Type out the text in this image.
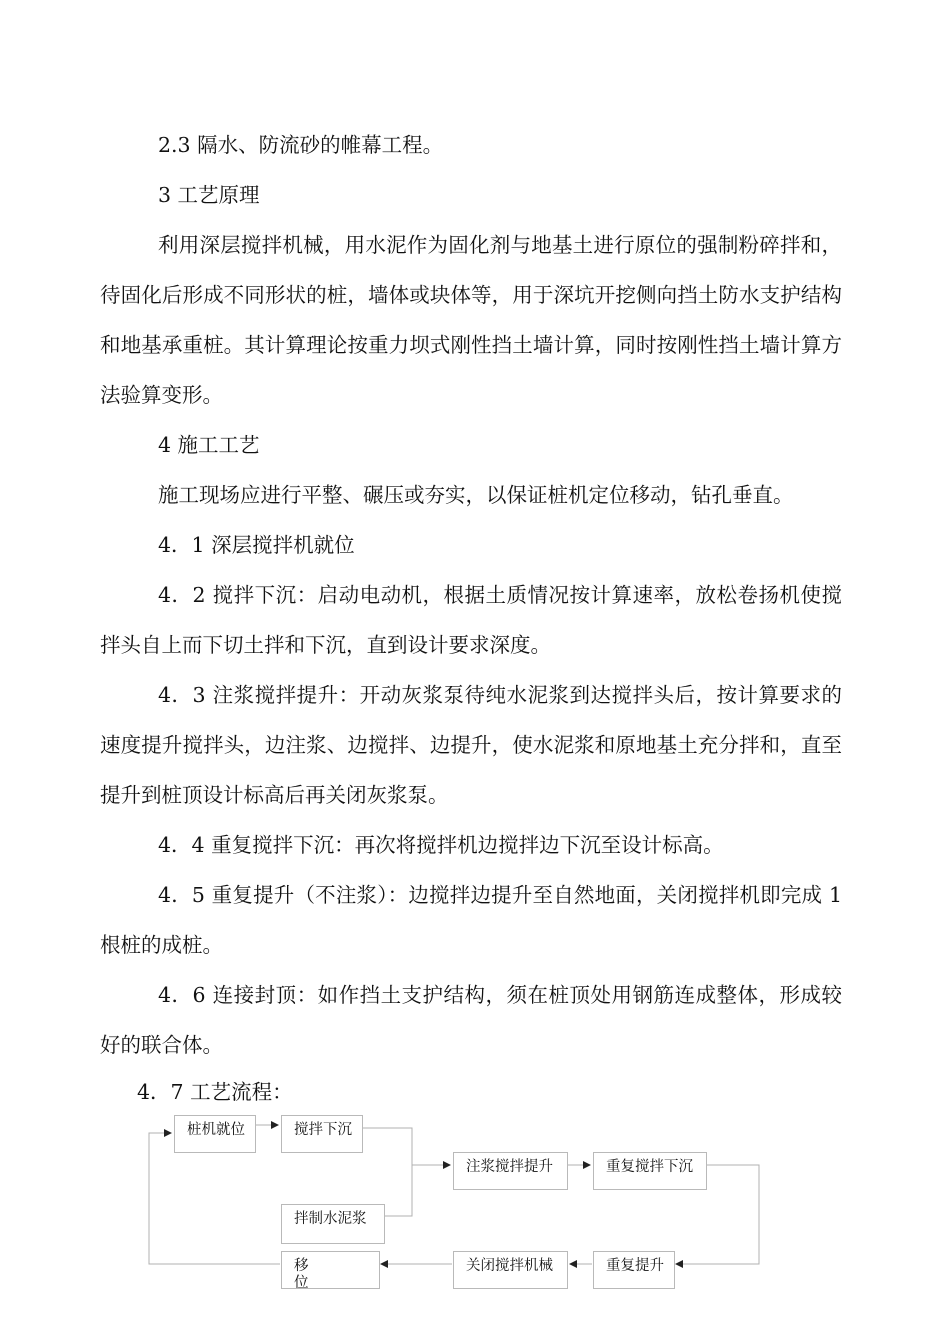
2.3 隔水、防流砂的帷幕工程。

3 工艺原理

利用深层搅拌机械，用水泥作为固化剂与地基土进行原位的强制粉碎拌和，待固化后形成不同形状的桩，墙体或块体等，用于深坑开挖侧向挡土防水支护结构和地基承重桩。其计算理论按重力坝式刚性挡土墙计算，同时按刚性挡土墙计算方法验算变形。

4 施工工艺

施工现场应进行平整、碾压或夯实，以保证桩机定位移动，钻孔垂直。

4．1 深层搅拌机就位

4．2 搅拌下沉：启动电动机，根据土质情况按计算速率，放松卷扬机使搅拌头自上而下切土拌和下沉，直到设计要求深度。

4．3 注浆搅拌提升：开动灰浆泵待纯水泥浆到达搅拌头后，按计算要求的速度提升搅拌头，边注浆、边搅拌、边提升，使水泥浆和原地基土充分拌和，直至提升到桩顶设计标高后再关闭灰浆泵。

4．4 重复搅拌下沉：再次将搅拌机边搅拌边下沉至设计标高。

4．5 重复提升（不注浆）：边搅拌边提升至自然地面，关闭搅拌机即完成 1 根桩的成桩。

4．6 连接封顶：如作挡土支护结构，须在桩顶处用钢筋连成整体，形成较好的联合体。

4．7 工艺流程：
桩机就位	搅拌下沉
拌制水泥浆
注浆搅拌提升	重复搅拌下沉
重复提升
关闭搅拌机械
移位
